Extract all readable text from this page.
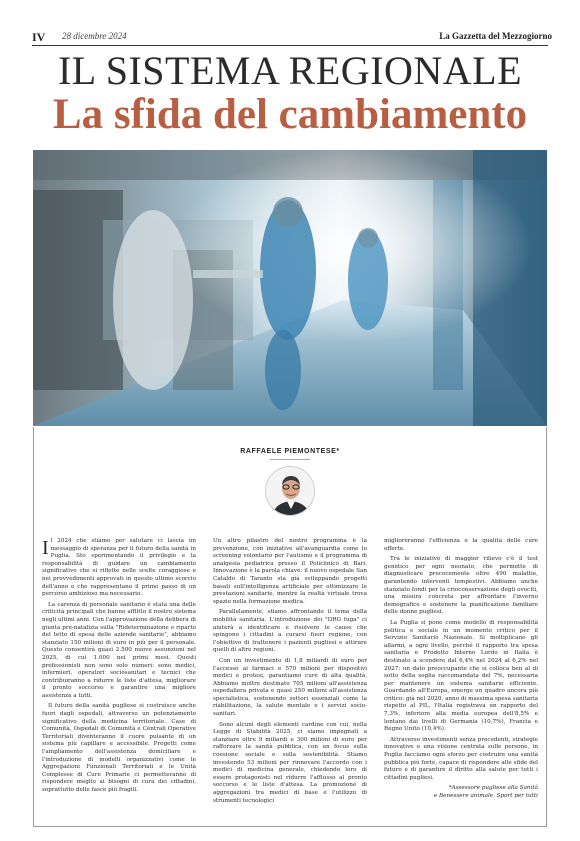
IV 28 dicembre 2024	La Gazzetta del Mezzogiorno
IL SISTEMA REGIONALE
La sfida del cambiamento
RAFFAELE PIEMONTESE*

Il 2024 che stiamo per salutare ci lascia un messaggio di speranza per il futuro della sanità in Puglia. Sto sperimentando il privilegio e la responsabilità di guidare un cambiamento significativo che si riflette nelle scelte coraggiose e nei provvedimenti approvati in questo ultimo scorcio dell'anno e che rappresentano il primo passo di un percorso ambizioso ma necessario.

La carenza di personale sanitario è stata una delle criticità principali che hanno afflitto il nostro sistema negli ultimi anni. Con l'approvazione della delibera di giunta pre-natalizia sulla "Rideterminazione e riparto del tetto di spesa delle aziende sanitarie", abbiamo stanziato 150 milioni di euro in più per il personale. Questo consentirà quasi 2.500 nuove assunzioni nel 2025, di cui 1.000 nei primi mesi. Questi professionisti non sono solo numeri: sono medici, infermieri, operatori sociosanitari e tecnici che contribuiranno a ridurre le liste d'attesa, migliorare il pronto soccorso e garantire una migliore assistenza a tutti.

Il futuro della sanità pugliese si costruisce anche fuori dagli ospedali, attraverso un potenziamento significativo della medicina territoriale. Case di Comunità, Ospedali di Comunità e Centrali Operative Territoriali diventeranno il cuore pulsante di un sistema più capillare e accessibile. Progetti come l'ampliamento dell'assistenza domiciliare e l'introduzione di modelli organizzativi come le Aggregazioni Funzionali Territoriali e le Unità Complesse di Cure Primarie ci permetteranno di rispondere meglio ai bisogni di cura dei cittadini, soprattutto delle fasce più fragili.

Un altro pilastro del nostro programma è la prevenzione, con iniziative all'avanguardia come lo screening volontario per l'autismo e il programma di analgesia pediatrica presso il Policlinico di Bari. Innovazione è la parola chiave: il nuovo ospedale San Cataldo di Taranto sta già sviluppando progetti basati sull'intelligenza artificiale per ottimizzare le prestazioni sanitarie, mentre la realtà virtuale trova spazio nella formazione medica.

Parallelamente, stiamo affrontando il tema della mobilità sanitaria. L'introduzione dei "DRG fuga" ci aiuterà a identificare e risolvere le cause che spingono i cittadini a curarsi fuori regione, con l'obiettivo di trattenere i pazienti pugliesi e attirare quelli di altre regioni.

Con un investimento di 1,8 miliardi di euro per l'accesso ai farmaci e 570 milioni per dispositivi medici e protesi, garantiamo cure di alta qualità. Abbiamo inoltre destinato 705 milioni all'assistenza ospedaliera privata e quasi 250 milioni all'assistenza specialistica, sostenendo settori essenziali come la riabilitazione, la salute mentale e i servizi socio-sanitari.

Sono alcuni degli elementi cardine con cui, nella Legge di Stabilità 2025, ci siamo impegnati a stanziare oltre 9 miliardi e 300 milioni di euro per rafforzare la sanità pubblica, con un focus sulla coesione sociale e sulla sostenibilità. Stiamo investendo 53 milioni per rinnovare l'accordo con i medici di medicina generale, chiedendo loro di essere protagonisti nel ridurre l'afflusso al pronto soccorso e le liste d'attesa. La promozione di aggregazioni tra medici di base e l'utilizzo di strumenti tecnologici

miglioreranno l'efficienza e la qualità delle cure offerte.

Tra le iniziative di maggior rilievo c'è il test genetico per ogni neonato, che permette di diagnosticare precocemente oltre 490 malattie, garantendo interventi tempestivi. Abbiamo anche stanziato fondi per la crioconservazione degli ovociti, una misura concreta per affrontare l'inverno demografico e sostenere la pianificazione familiare delle donne pugliesi.

La Puglia si pone come modello di responsabilità politica e sociale in un momento critico per il Servizio Sanitario Nazionale. Si moltiplicano gli allarmi, a ogni livello, perché il rapporto tra spesa sanitaria e Prodotto Interno Lordo in Italia è destinato a scendere dal 6,4% nel 2024 al 6,2% nel 2027: un dato preoccupante che si colloca ben al di sotto della soglia raccomandata del 7%, necessaria per mantenere un sistema sanitario efficiente. Guardando all'Europa, emerge un quadro ancora più critico: già nel 2020, anno di massima spesa sanitaria rispetto al PIL, l'Italia registrava un rapporto del 7,3%, inferiore alla media europea dell'8,5% e lontano dai livelli di Germania (10,7%), Francia e Regno Unito (10,4%).

Attraverso investimenti senza precedenti, strategie innovative e una visione centrata sulle persone, in Puglia facciamo ogni sforzo per costruire una sanità pubblica più forte, capace di rispondere alle sfide del futuro e di garantire il diritto alla salute per tutti i cittadini pugliesi.

*Assessore pugliese alla Sanità
e Benessere animale, Sport per tutti
